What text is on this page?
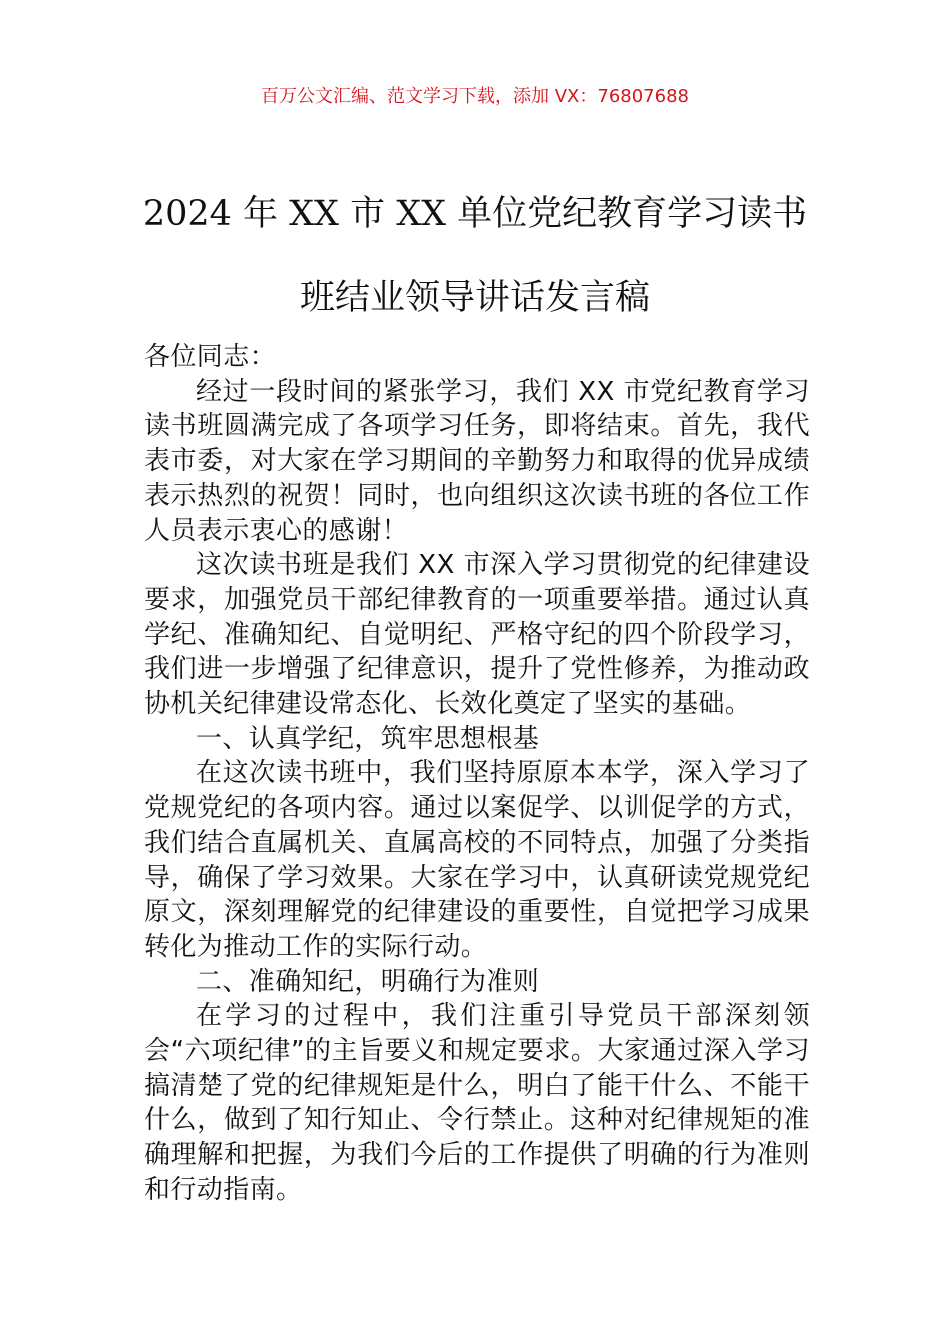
百万公文汇编、范文学习下载，添加 VX：76807688
2024 年 XX 市 XX 单位党纪教育学习读书
班结业领导讲话发言稿

各位同志：

经过一段时间的紧张学习，我们 XX 市党纪教育学习读书班圆满完成了各项学习任务，即将结束。首先，我代表市委，对大家在学习期间的辛勤努力和取得的优异成绩表示热烈的祝贺！同时，也向组织这次读书班的各位工作人员表示衷心的感谢！

这次读书班是我们 XX 市深入学习贯彻党的纪律建设要求，加强党员干部纪律教育的一项重要举措。通过认真学纪、准确知纪、自觉明纪、严格守纪的四个阶段学习，我们进一步增强了纪律意识，提升了党性修养，为推动政协机关纪律建设常态化、长效化奠定了坚实的基础。

一、认真学纪，筑牢思想根基

在这次读书班中，我们坚持原原本本学，深入学习了党规党纪的各项内容。通过以案促学、以训促学的方式，我们结合直属机关、直属高校的不同特点，加强了分类指导，确保了学习效果。大家在学习中，认真研读党规党纪原文，深刻理解党的纪律建设的重要性，自觉把学习成果转化为推动工作的实际行动。

二、准确知纪，明确行为准则

在学习的过程中，我们注重引导党员干部深刻领会“六项纪律”的主旨要义和规定要求。大家通过深入学习搞清楚了党的纪律规矩是什么，明白了能干什么、不能干什么，做到了知行知止、令行禁止。这种对纪律规矩的准确理解和把握，为我们今后的工作提供了明确的行为准则和行动指南。
